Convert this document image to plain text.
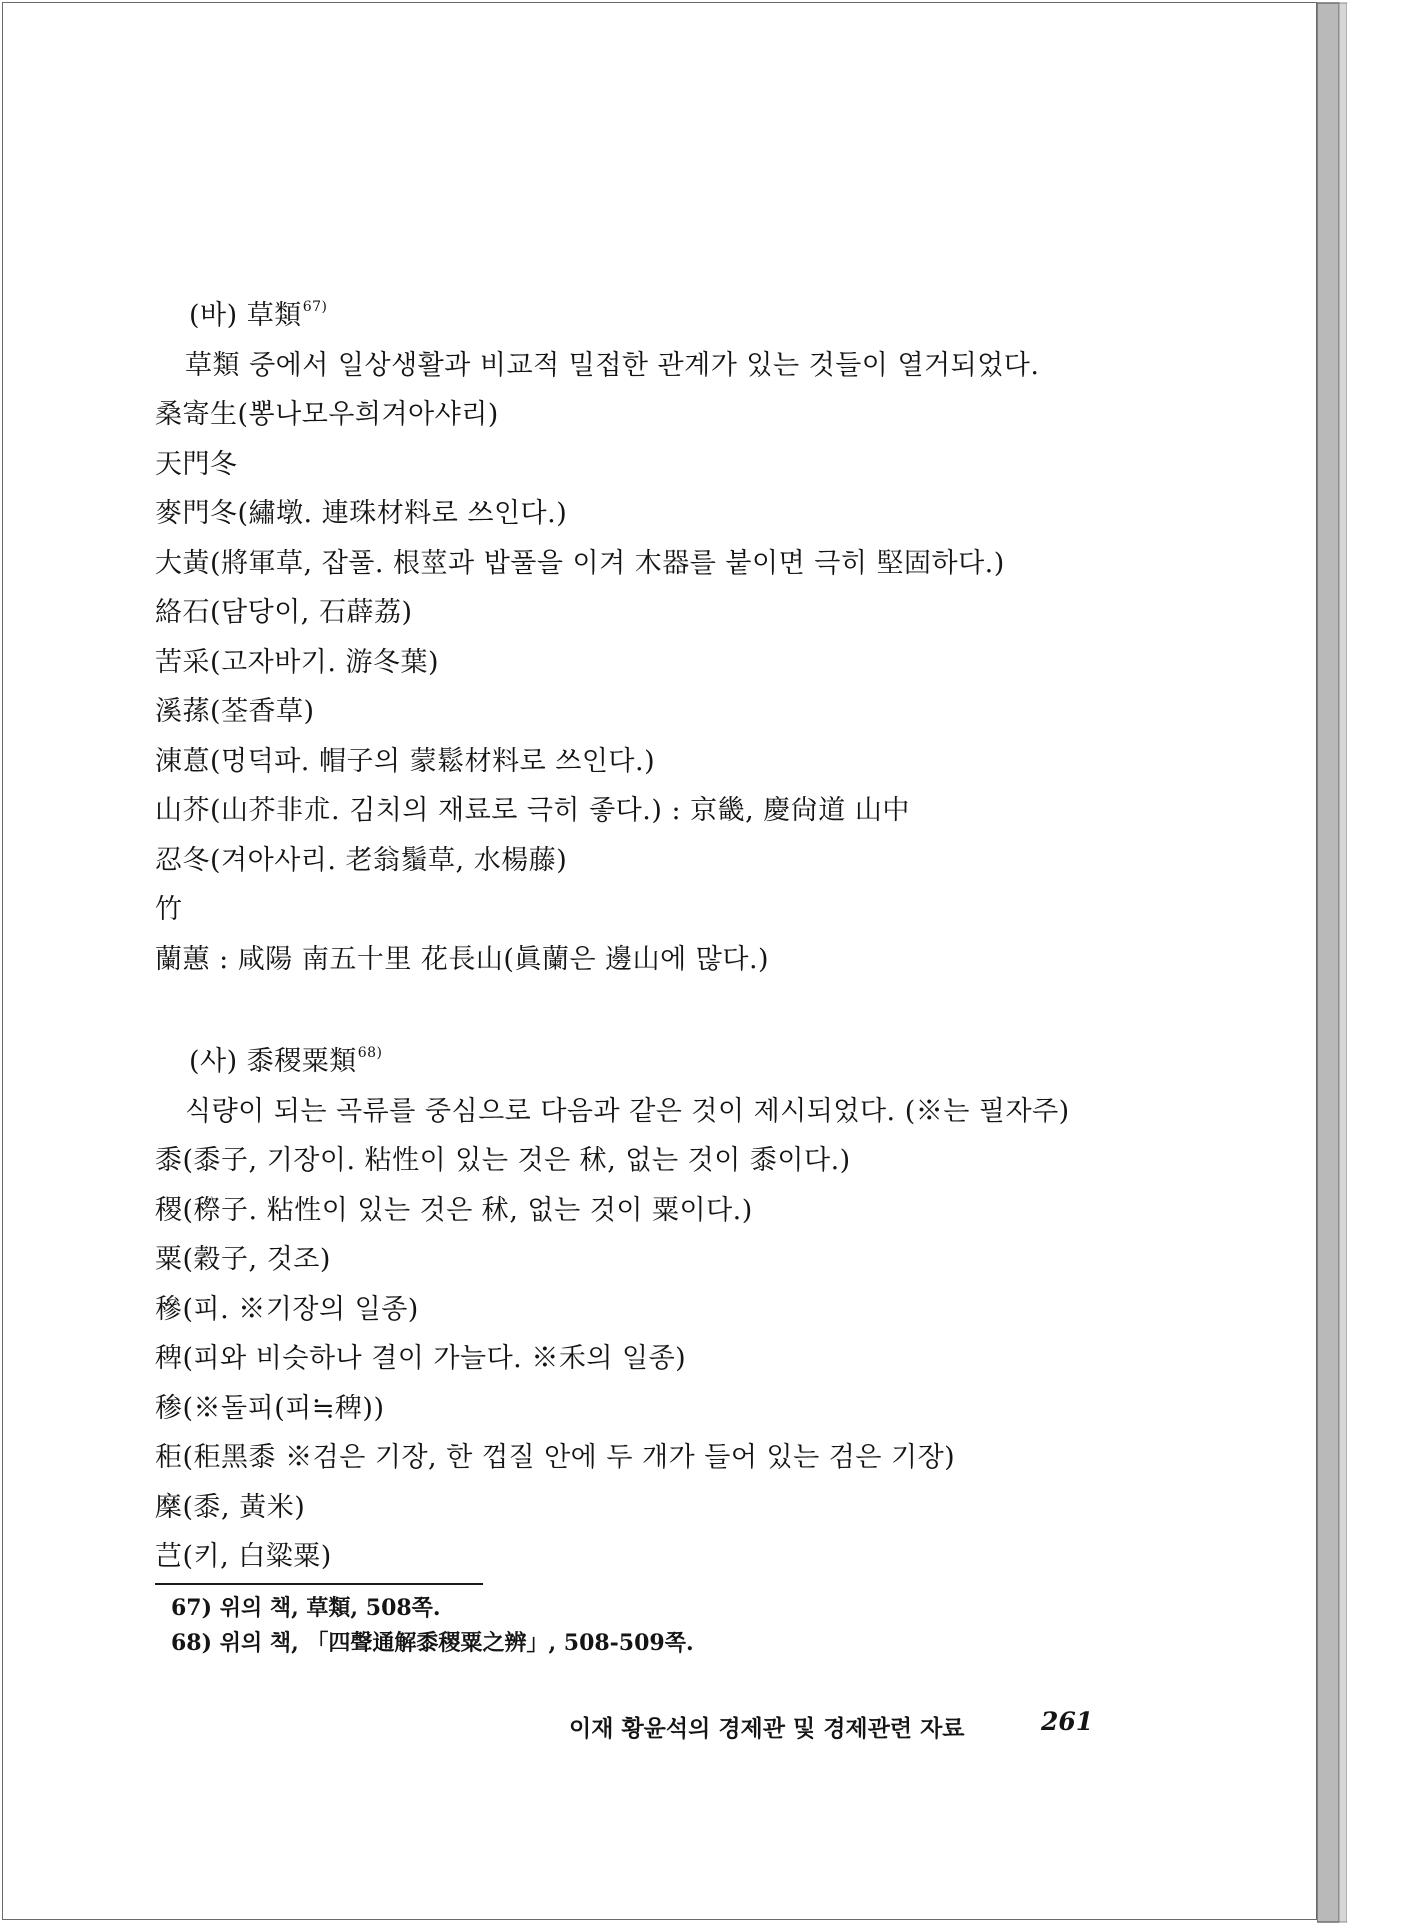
(바) 草類$^{67)}$
草類 중에서 일상생활과 비교적 밀접한 관계가 있는 것들이 열거되었다.
桑寄生(뽕나모우희겨아샤리)
天門冬
麥門冬(繡墩. 連珠材料로 쓰인다.)
大黃(將軍草, 잡풀. 根莖과 밥풀을 이겨 木器를 붙이면 극히 堅固하다.)
絡石(담당이, 石薜荔)
苦采(고자바기. 游冬葉)
溪蓀(荃香草)
涷蒠(멍덕파. 帽子의 蒙鬆材料로 쓰인다.)
山芥(山芥非朮. 김치의 재료로 극히 좋다.) : 京畿, 慶尙道 山中
忍冬(겨아사리. 老翁鬚草, 水楊藤)
竹
蘭蕙 : 咸陽 南五十里 花長山(眞蘭은 邊山에 많다.)
(사) 黍稷粟類$^{68)}$
식량이 되는 곡류를 중심으로 다음과 같은 것이 제시되었다. (※는 필자주)
黍(黍子, 기장이. 粘性이 있는 것은 秫, 없는 것이 黍이다.)
稷(穄子. 粘性이 있는 것은 秫, 없는 것이 粟이다.)
粟(穀子, 것조)
穇(피. ※기장의 일종)
稗(피와 비슷하나 결이 가늘다. ※禾의 일종)
䅟(※돌피(피≒稗))
秬(秬黑黍 ※검은 기장, 한 껍질 안에 두 개가 들어 있는 검은 기장)
穈(黍, 黃米)
芑(키, 白粱粟)
67) 위의 책, 草類, 508쪽.
68) 위의 책, 「四聲通解黍稷粟之辨」, 508-509쪽.
이재 황윤석의 경제관 및 경제관련 자료	261
